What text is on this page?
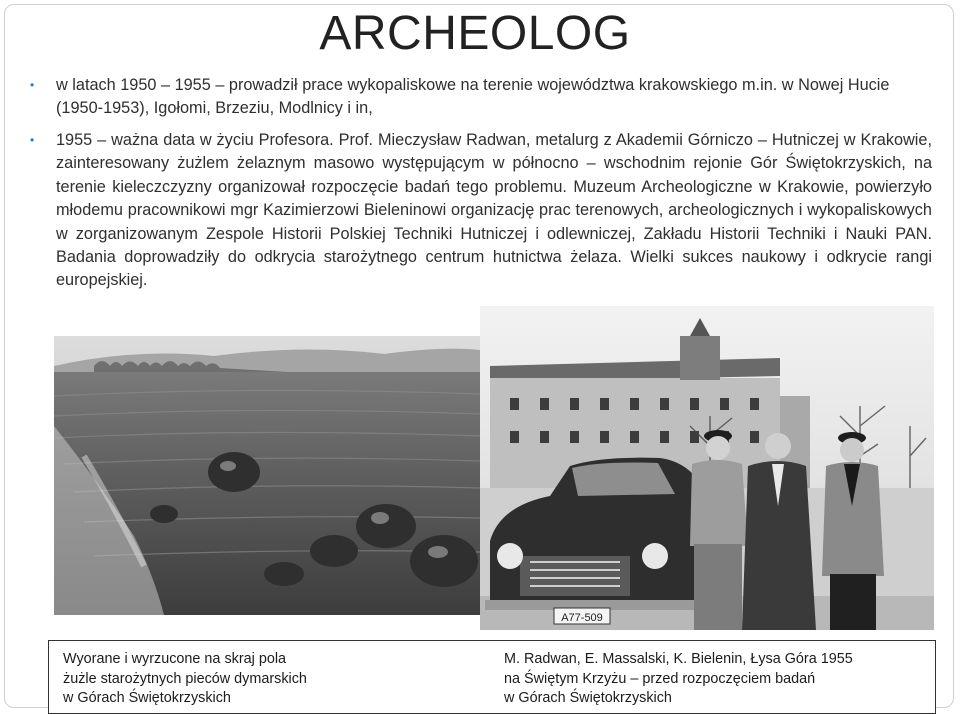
ARCHEOLOG
• w latach 1950 – 1955 – prowadził prace wykopaliskowe na terenie województwa krakowskiego m.in. w Nowej Hucie (1950-1953), Igołomi, Brzeziu, Modlnicy i in,
• 1955 – ważna data w życiu Profesora. Prof. Mieczysław Radwan, metalurg z Akademii Górniczo – Hutniczej w Krakowie, zainteresowany żużlem żelaznym masowo występującym w północno – wschodnim rejonie Gór Świętokrzyskich, na terenie kieleczczyzny organizował rozpoczęcie badań tego problemu. Muzeum Archeologiczne w Krakowie, powierzyło młodemu pracownikowi mgr Kazimierzowi Bieleninowi organizację prac terenowych, archeologicznych i wykopaliskowych w zorganizowanym Zespole Historii Polskiej Techniki Hutniczej i odlewniczej, Zakładu Historii Techniki i Nauki PAN. Badania doprowadziły do odkrycia starożytnego centrum hutnictwa żelaza. Wielki sukces naukowy i odkrycie rangi europejskiej.
A77-509
Wyorane i wyrzucone na skraj pola
żużle starożytnych pieców dymarskich
w Górach Świętokrzyskich
M. Radwan, E. Massalski, K. Bielenin, Łysa Góra 1955
na Świętym Krzyżu – przed rozpoczęciem badań
w Górach Świętokrzyskich
